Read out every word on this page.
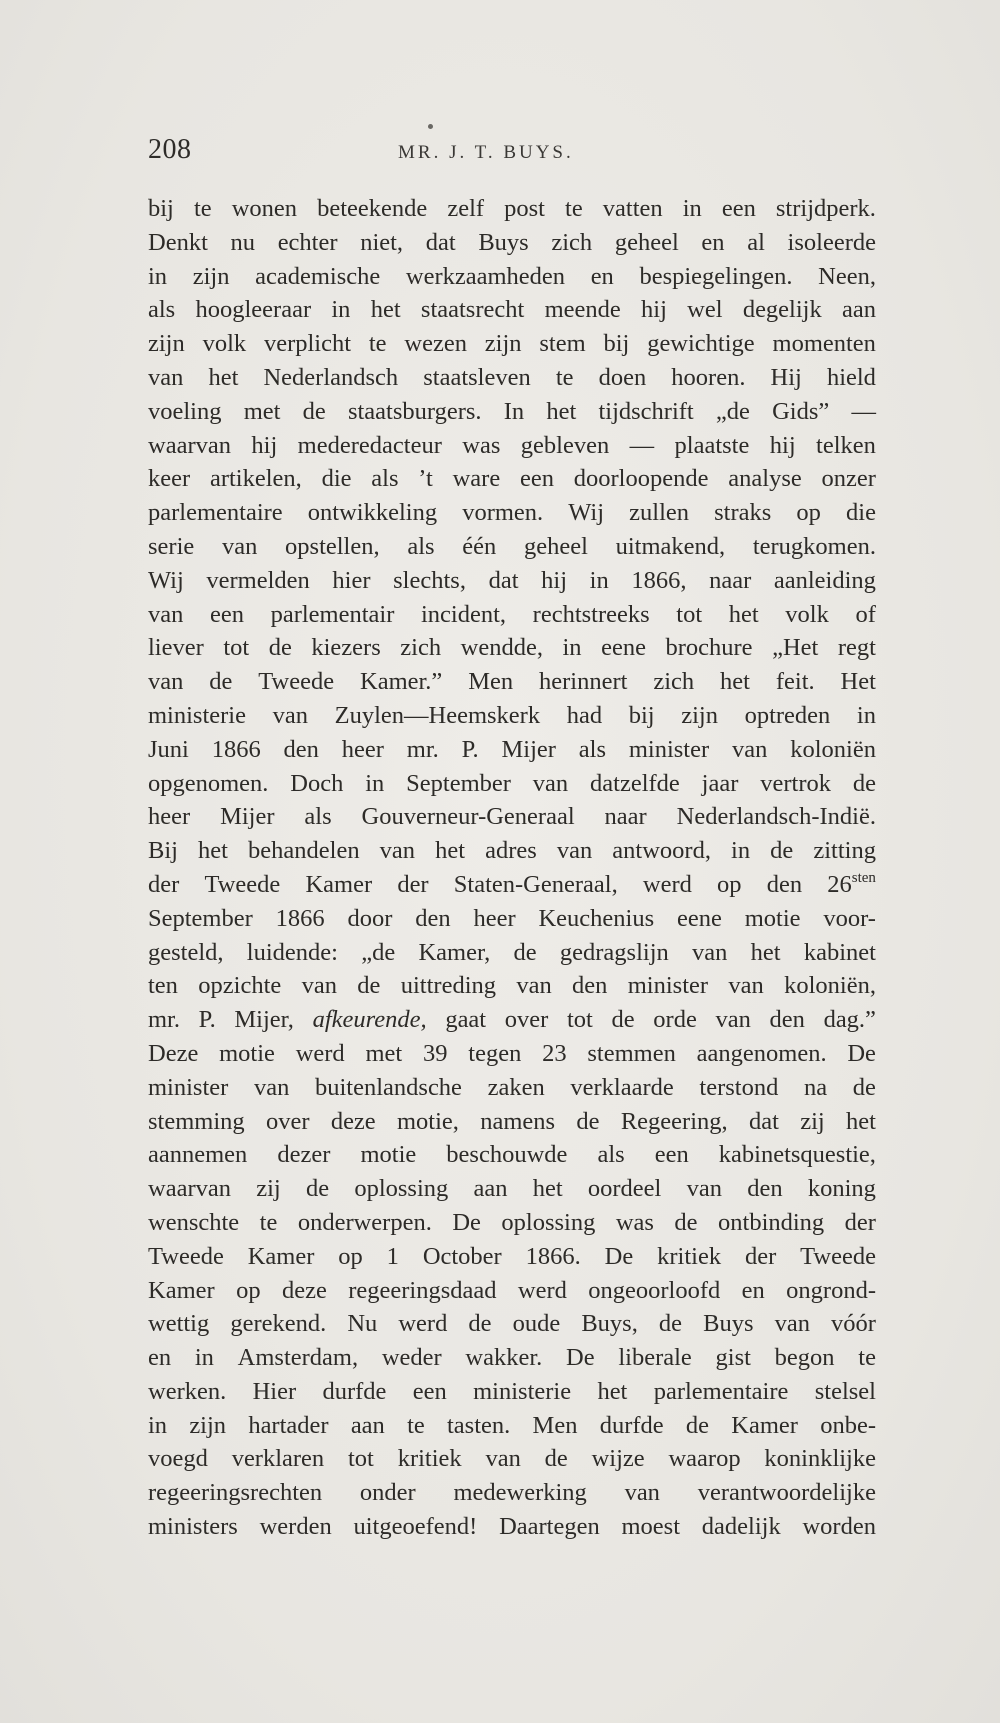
208	MR. J. T. BUYS.
bij te wonen beteekende zelf post te vatten in een strijdperk.
Denkt nu echter niet, dat Buys zich geheel en al isoleerde
in zijn academische werkzaamheden en bespiegelingen. Neen,
als hoogleeraar in het staatsrecht meende hij wel degelijk aan
zijn volk verplicht te wezen zijn stem bij gewichtige momenten
van het Nederlandsch staatsleven te doen hooren. Hij hield
voeling met de staatsburgers. In het tijdschrift „de Gids” —
waarvan hij mederedacteur was gebleven — plaatste hij telken
keer artikelen, die als ’t ware een doorloopende analyse onzer
parlementaire ontwikkeling vormen. Wij zullen straks op die
serie van opstellen, als één geheel uitmakend, terugkomen.
Wij vermelden hier slechts, dat hij in 1866, naar aanleiding
van een parlementair incident, rechtstreeks tot het volk of
liever tot de kiezers zich wendde, in eene brochure „Het regt
van de Tweede Kamer.” Men herinnert zich het feit. Het
ministerie van Zuylen—Heemskerk had bij zijn optreden in
Juni 1866 den heer mr. P. Mijer als minister van koloniën
opgenomen. Doch in September van datzelfde jaar vertrok de
heer Mijer als Gouverneur-Generaal naar Nederlandsch-Indië.
Bij het behandelen van het adres van antwoord, in de zitting
der Tweede Kamer der Staten-Generaal, werd op den $26^{sten}$
September 1866 door den heer Keuchenius eene motie voor-
gesteld, luidende: „de Kamer, de gedragslijn van het kabinet
ten opzichte van de uittreding van den minister van koloniën,
mr. P. Mijer, afkeurende, gaat over tot de orde van den dag.”
Deze motie werd met 39 tegen 23 stemmen aangenomen. De
minister van buitenlandsche zaken verklaarde terstond na de
stemming over deze motie, namens de Regeering, dat zij het
aannemen dezer motie beschouwde als een kabinetsquestie,
waarvan zij de oplossing aan het oordeel van den koning
wenschte te onderwerpen. De oplossing was de ontbinding der
Tweede Kamer op 1 October 1866. De kritiek der Tweede
Kamer op deze regeeringsdaad werd ongeoorloofd en ongrond-
wettig gerekend. Nu werd de oude Buys, de Buys van vóór
en in Amsterdam, weder wakker. De liberale gist begon te
werken. Hier durfde een ministerie het parlementaire stelsel
in zijn hartader aan te tasten. Men durfde de Kamer onbe-
voegd verklaren tot kritiek van de wijze waarop koninklijke
regeeringsrechten onder medewerking van verantwoordelijke
ministers werden uitgeoefend! Daartegen moest dadelijk worden
